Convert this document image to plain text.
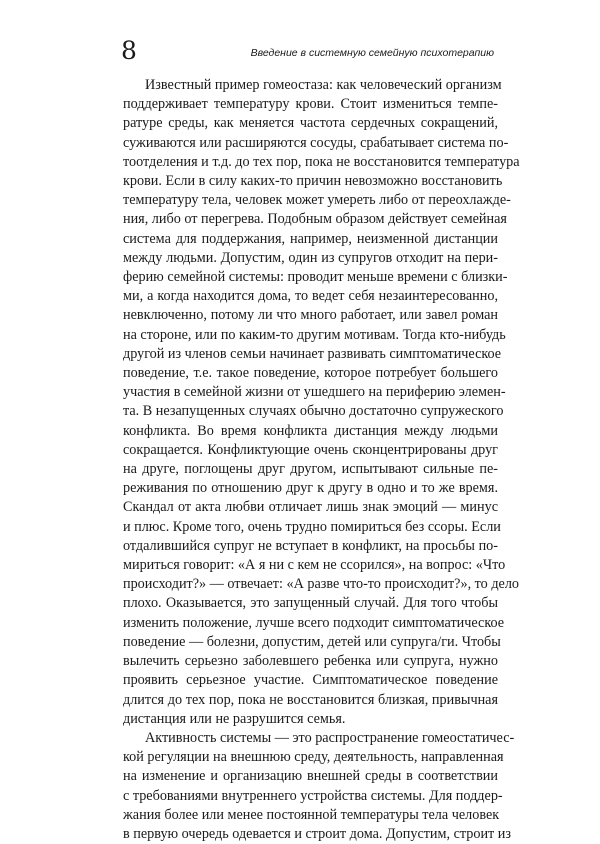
8	Введение в системную семейную психотерапию

Известный пример гомеостаза: как человеческий организм
поддерживает температуру крови. Стоит измениться темпе-
ратуре среды, как меняется частота сердечных сокращений,
суживаются или расширяются сосуды, срабатывает система по-
тоотделения и т.д. до тех пор, пока не восстановится температура
крови. Если в силу каких-то причин невозможно восстановить
температуру тела, человек может умереть либо от переохлажде-
ния, либо от перегрева. Подобным образом действует семейная
система для поддержания, например, неизменной дистанции
между людьми. Допустим, один из супругов отходит на пери-
ферию семейной системы: проводит меньше времени с близки-
ми, а когда находится дома, то ведет себя незаинтересованно,
невключенно, потому ли что много работает, или завел роман
на стороне, или по каким-то другим мотивам. Тогда кто-нибудь
другой из членов семьи начинает развивать симптоматическое
поведение, т.е. такое поведение, которое потребует большего
участия в семейной жизни от ушедшего на периферию элемен-
та. В незапущенных случаях обычно достаточно супружеского
конфликта. Во время конфликта дистанция между людьми
сокращается. Конфликтующие очень сконцентрированы друг
на друге, поглощены друг другом, испытывают сильные пе-
реживания по отношению друг к другу в одно и то же время.
Скандал от акта любви отличает лишь знак эмоций — минус
и плюс. Кроме того, очень трудно помириться без ссоры. Если
отдалившийся супруг не вступает в конфликт, на просьбы по-
мириться говорит: «А я ни с кем не ссорился», на вопрос: «Что
происходит?» — отвечает: «А разве что-то происходит?», то дело
плохо. Оказывается, это запущенный случай. Для того чтобы
изменить положение, лучше всего подходит симптоматическое
поведение — болезни, допустим, детей или супруга/ги. Чтобы
вылечить серьезно заболевшего ребенка или супруга, нужно
проявить серьезное участие. Симптоматическое поведение
длится до тех пор, пока не восстановится близкая, привычная
дистанция или не разрушится семья.

Активность системы — это распространение гомеостатичес-
кой регуляции на внешнюю среду, деятельность, направленная
на изменение и организацию внешней среды в соответствии
с требованиями внутреннего устройства системы. Для поддер-
жания более или менее постоянной температуры тела человек
в первую очередь одевается и строит дома. Допустим, строит из
